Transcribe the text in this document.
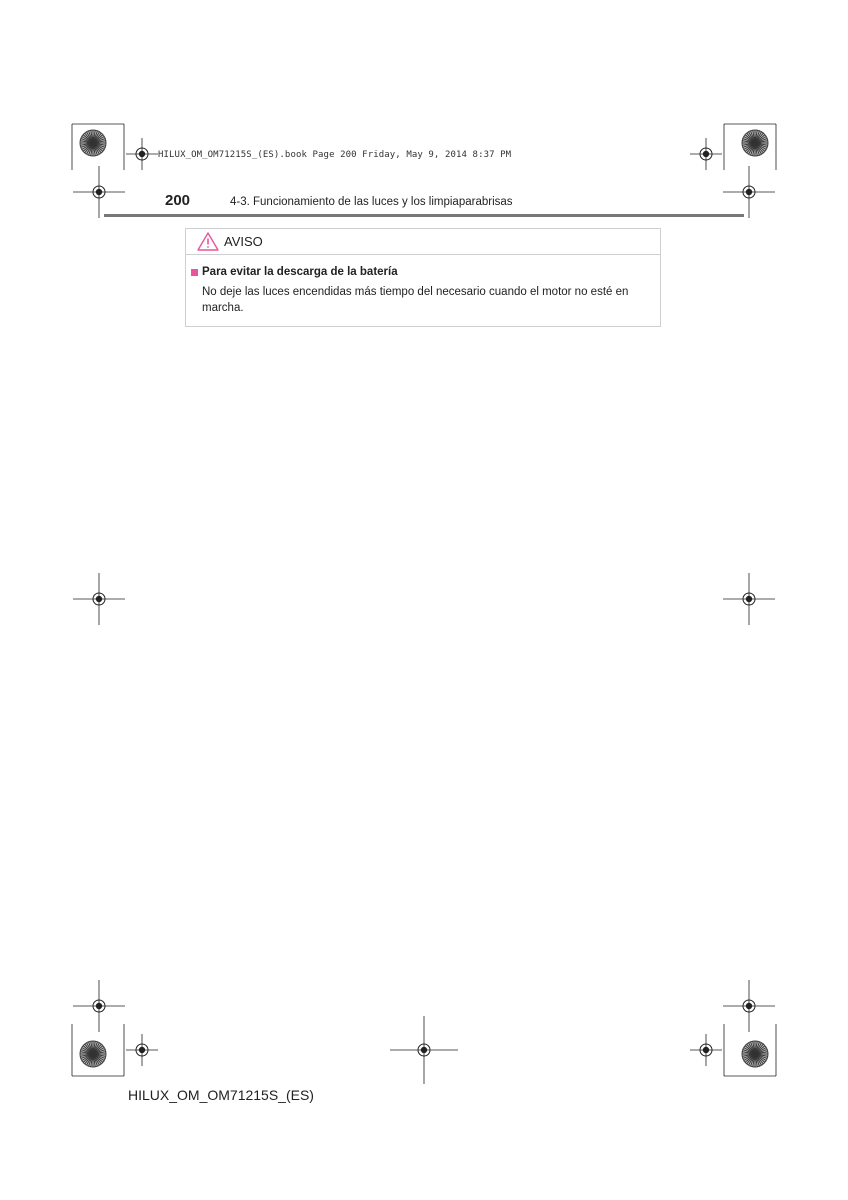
HILUX_OM_OM71215S_(ES).book Page 200 Friday, May 9, 2014 8:37 PM
200	4-3. Funcionamiento de las luces y los limpiaparabrisas
AVISO
Para evitar la descarga de la batería
No deje las luces encendidas más tiempo del necesario cuando el motor no esté en marcha.
HILUX_OM_OM71215S_(ES)
